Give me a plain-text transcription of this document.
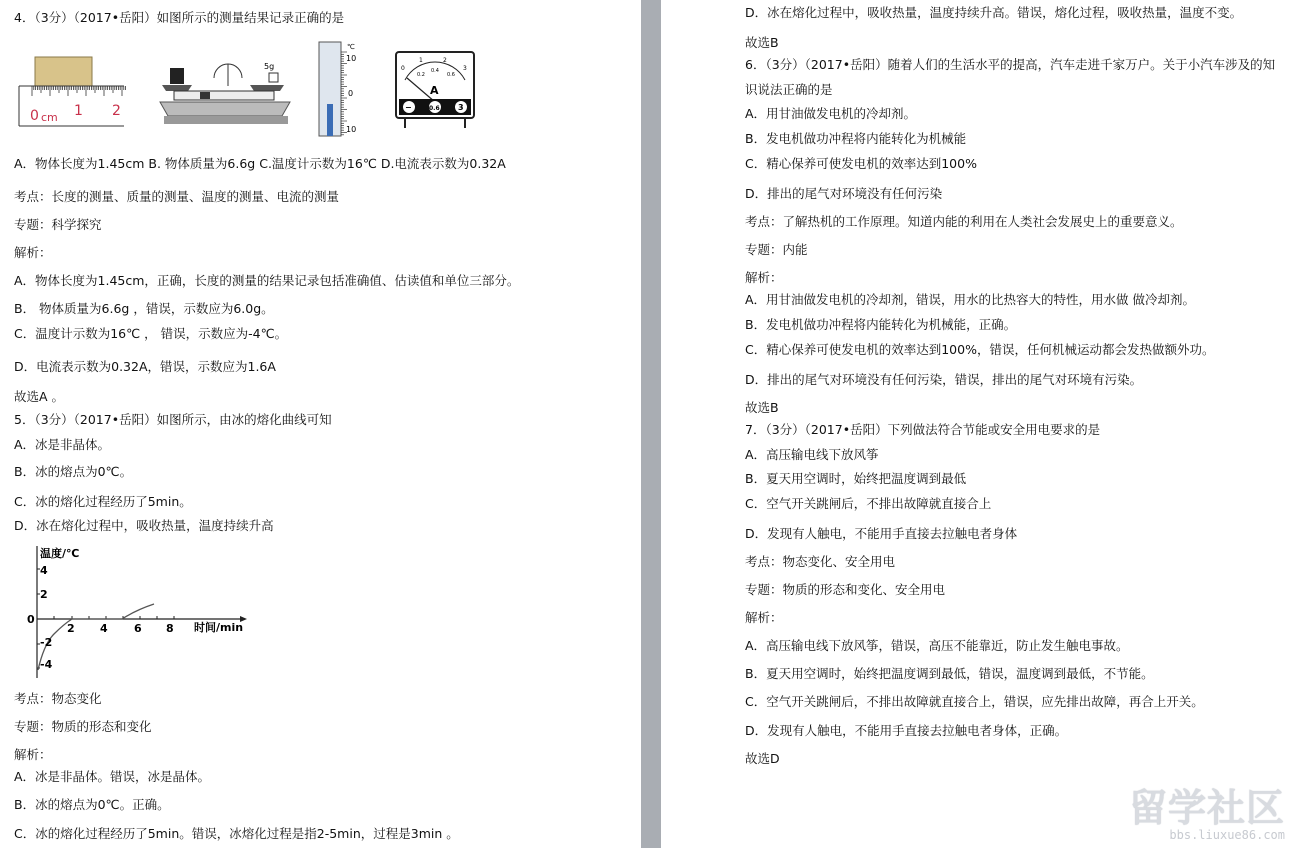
4．（3分）（2017•岳阳）如图所示的测量结果记录正确的是
0 cm 1 2
5g
℃
10
0
10
0
1	2
3
0.2
0.4
0.6
A
−	0.6 3
A．物体长度为1.45cm B. 物体质量为6.6g C.温度计示数为16℃ D.电流表示数为0.32A
考点：长度的测量、质量的测量、温度的测量、电流的测量
专题：科学探究
解析：
A．物体长度为1.45cm，正确，长度的测量的结果记录包括准确值、估读值和单位三部分。
B． 物体质量为6.6g ，错误，示数应为6.0g。
C．温度计示数为16℃ ， 错误，示数应为-4℃。
D．电流表示数为0.32A，错误，示数应为1.6A
故选A 。
5．（3分）（2017•岳阳）如图所示，由冰的熔化曲线可知
A．冰是非晶体。
B．冰的熔点为0℃。
C．冰的熔化过程经历了5min。
D．冰在熔化过程中，吸收热量，温度持续升高
温度/℃
时间/min
-4
-2
0
2
4
2 4 6 8
考点：物态变化
专题：物质的形态和变化
解析：
A．冰是非晶体。错误，冰是晶体。
B．冰的熔点为0℃。正确。
C．冰的熔化过程经历了5min。错误，冰熔化过程是指2-5min，过程是3min 。
D．冰在熔化过程中，吸收热量，温度持续升高。错误，熔化过程，吸收热量，温度不变。
故选B
6．（3分）（2017•岳阳）随着人们的生活水平的提高，汽车走进千家万户。关于小汽车涉及的知
识说法正确的是
A．用甘油做发电机的冷却剂。
B．发电机做功冲程将内能转化为机械能
C．精心保养可使发电机的效率达到100%
D．排出的尾气对环境没有任何污染
考点：了解热机的工作原理。知道内能的利用在人类社会发展史上的重要意义。
专题：内能
解析：
A．用甘油做发电机的冷却剂，错误，用水的比热容大的特性，用水做 做冷却剂。
B．发电机做功冲程将内能转化为机械能，正确。
C．精心保养可使发电机的效率达到100%，错误，任何机械运动都会发热做额外功。
D．排出的尾气对环境没有任何污染，错误，排出的尾气对环境有污染。
故选B
7．（3分）（2017•岳阳）下列做法符合节能或安全用电要求的是
A．高压输电线下放风筝
B．夏天用空调时，始终把温度调到最低
C．空气开关跳闸后，不排出故障就直接合上
D．发现有人触电，不能用手直接去拉触电者身体
考点：物态变化、安全用电
专题：物质的形态和变化、安全用电
解析：
A．高压输电线下放风筝，错误，高压不能靠近，防止发生触电事故。
B．夏天用空调时，始终把温度调到最低，错误，温度调到最低，不节能。
C．空气开关跳闸后，不排出故障就直接合上，错误，应先排出故障，再合上开关。
D．发现有人触电，不能用手直接去拉触电者身体，正确。
故选D
留学社区
bbs.liuxue86.com
